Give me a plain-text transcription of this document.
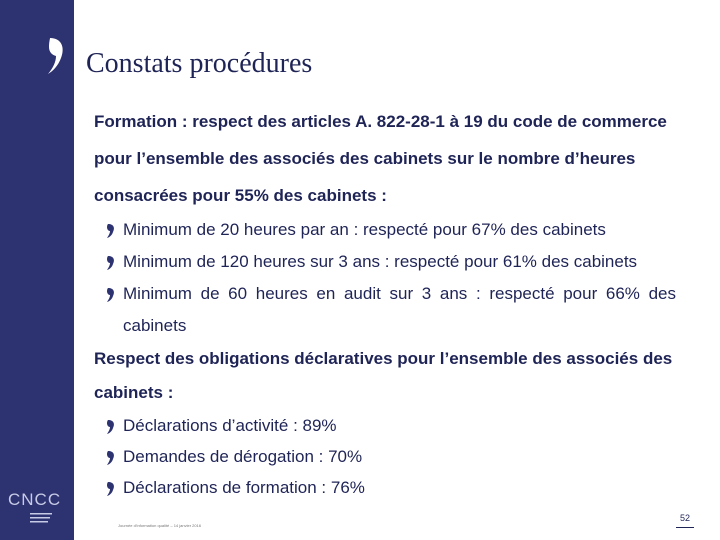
Constats procédures

Formation : respect des articles A. 822-28-1 à 19 du code de commerce pour l’ensemble des associés des cabinets sur le nombre d’heures consacrées pour 55% des cabinets :

Minimum de 20 heures par an : respecté pour 67% des cabinets

Minimum de 120 heures sur 3 ans : respecté pour 61% des cabinets

Minimum de 60 heures en audit sur 3 ans : respecté pour 66% des cabinets

Respect des obligations déclaratives pour l’ensemble des associés des cabinets :

Déclarations d’activité : 89%

Demandes de dérogation : 70%

Déclarations de formation : 76%

CNCC
Journée d'information qualité – 14 janvier 2016
52
